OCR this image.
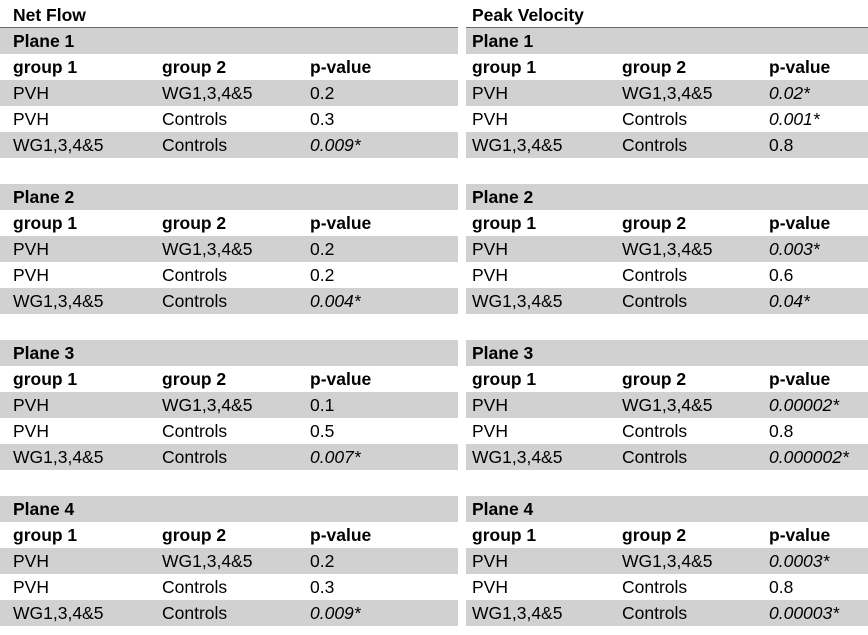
Net Flow
Plane 1
group 1	group 2	p-value
PVH	WG1,3,4&5	0.2
PVH	Controls	0.3
WG1,3,4&5	Controls	0.009*
Plane 2
group 1	group 2	p-value
PVH	WG1,3,4&5	0.2
PVH	Controls	0.2
WG1,3,4&5	Controls	0.004*
Plane 3
group 1	group 2	p-value
PVH	WG1,3,4&5	0.1
PVH	Controls	0.5
WG1,3,4&5	Controls	0.007*
Plane 4
group 1	group 2	p-value
PVH	WG1,3,4&5	0.2
PVH	Controls	0.3
WG1,3,4&5	Controls	0.009*
Peak Velocity
Plane 1
group 1	group 2	p-value
PVH	WG1,3,4&5	0.02*
PVH	Controls	0.001*
WG1,3,4&5	Controls	0.8
Plane 2
group 1	group 2	p-value
PVH	WG1,3,4&5	0.003*
PVH	Controls	0.6
WG1,3,4&5	Controls	0.04*
Plane 3
group 1	group 2	p-value
PVH	WG1,3,4&5	0.00002*
PVH	Controls	0.8
WG1,3,4&5	Controls	0.000002*
Plane 4
group 1	group 2	p-value
PVH	WG1,3,4&5	0.0003*
PVH	Controls	0.8
WG1,3,4&5	Controls	0.00003*
